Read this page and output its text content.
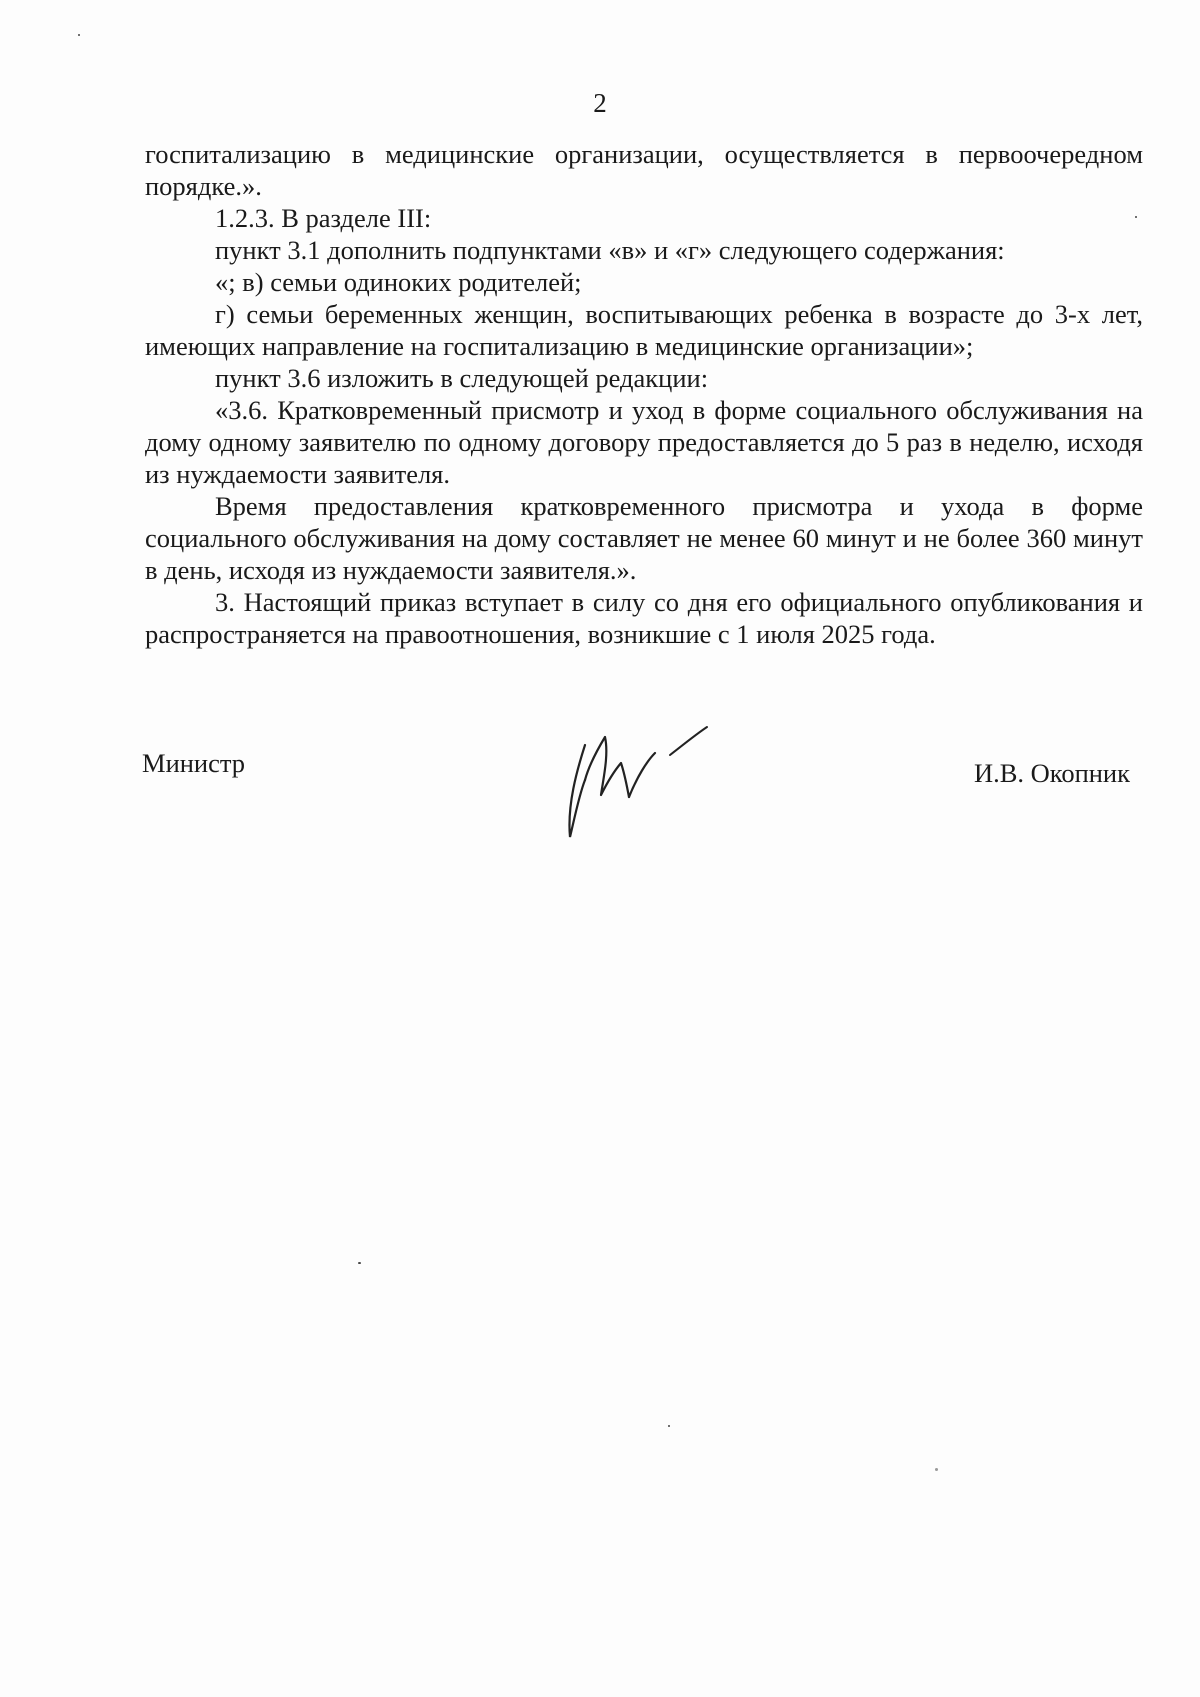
2

госпитализацию в медицинские организации, осуществляется в первоочередном порядке.».

1.2.3. В разделе III:

пункт 3.1 дополнить подпунктами «в» и «г» следующего содержания:

«; в) семьи одиноких родителей;

г) семьи беременных женщин, воспитывающих ребенка в возрасте до 3-х лет, имеющих направление на госпитализацию в медицинские организации»;

пункт 3.6 изложить в следующей редакции:

«3.6. Кратковременный присмотр и уход в форме социального обслуживания на дому одному заявителю по одному договору предоставляется до 5 раз в неделю, исходя из нуждаемости заявителя.

Время предоставления кратковременного присмотра и ухода в форме социального обслуживания на дому составляет не менее 60 минут и не более 360 минут в день, исходя из нуждаемости заявителя.».

3. Настоящий приказ вступает в силу со дня его официального опубликования и распространяется на правоотношения, возникшие с 1 июля 2025 года.

Министр	И.В. Окопник
